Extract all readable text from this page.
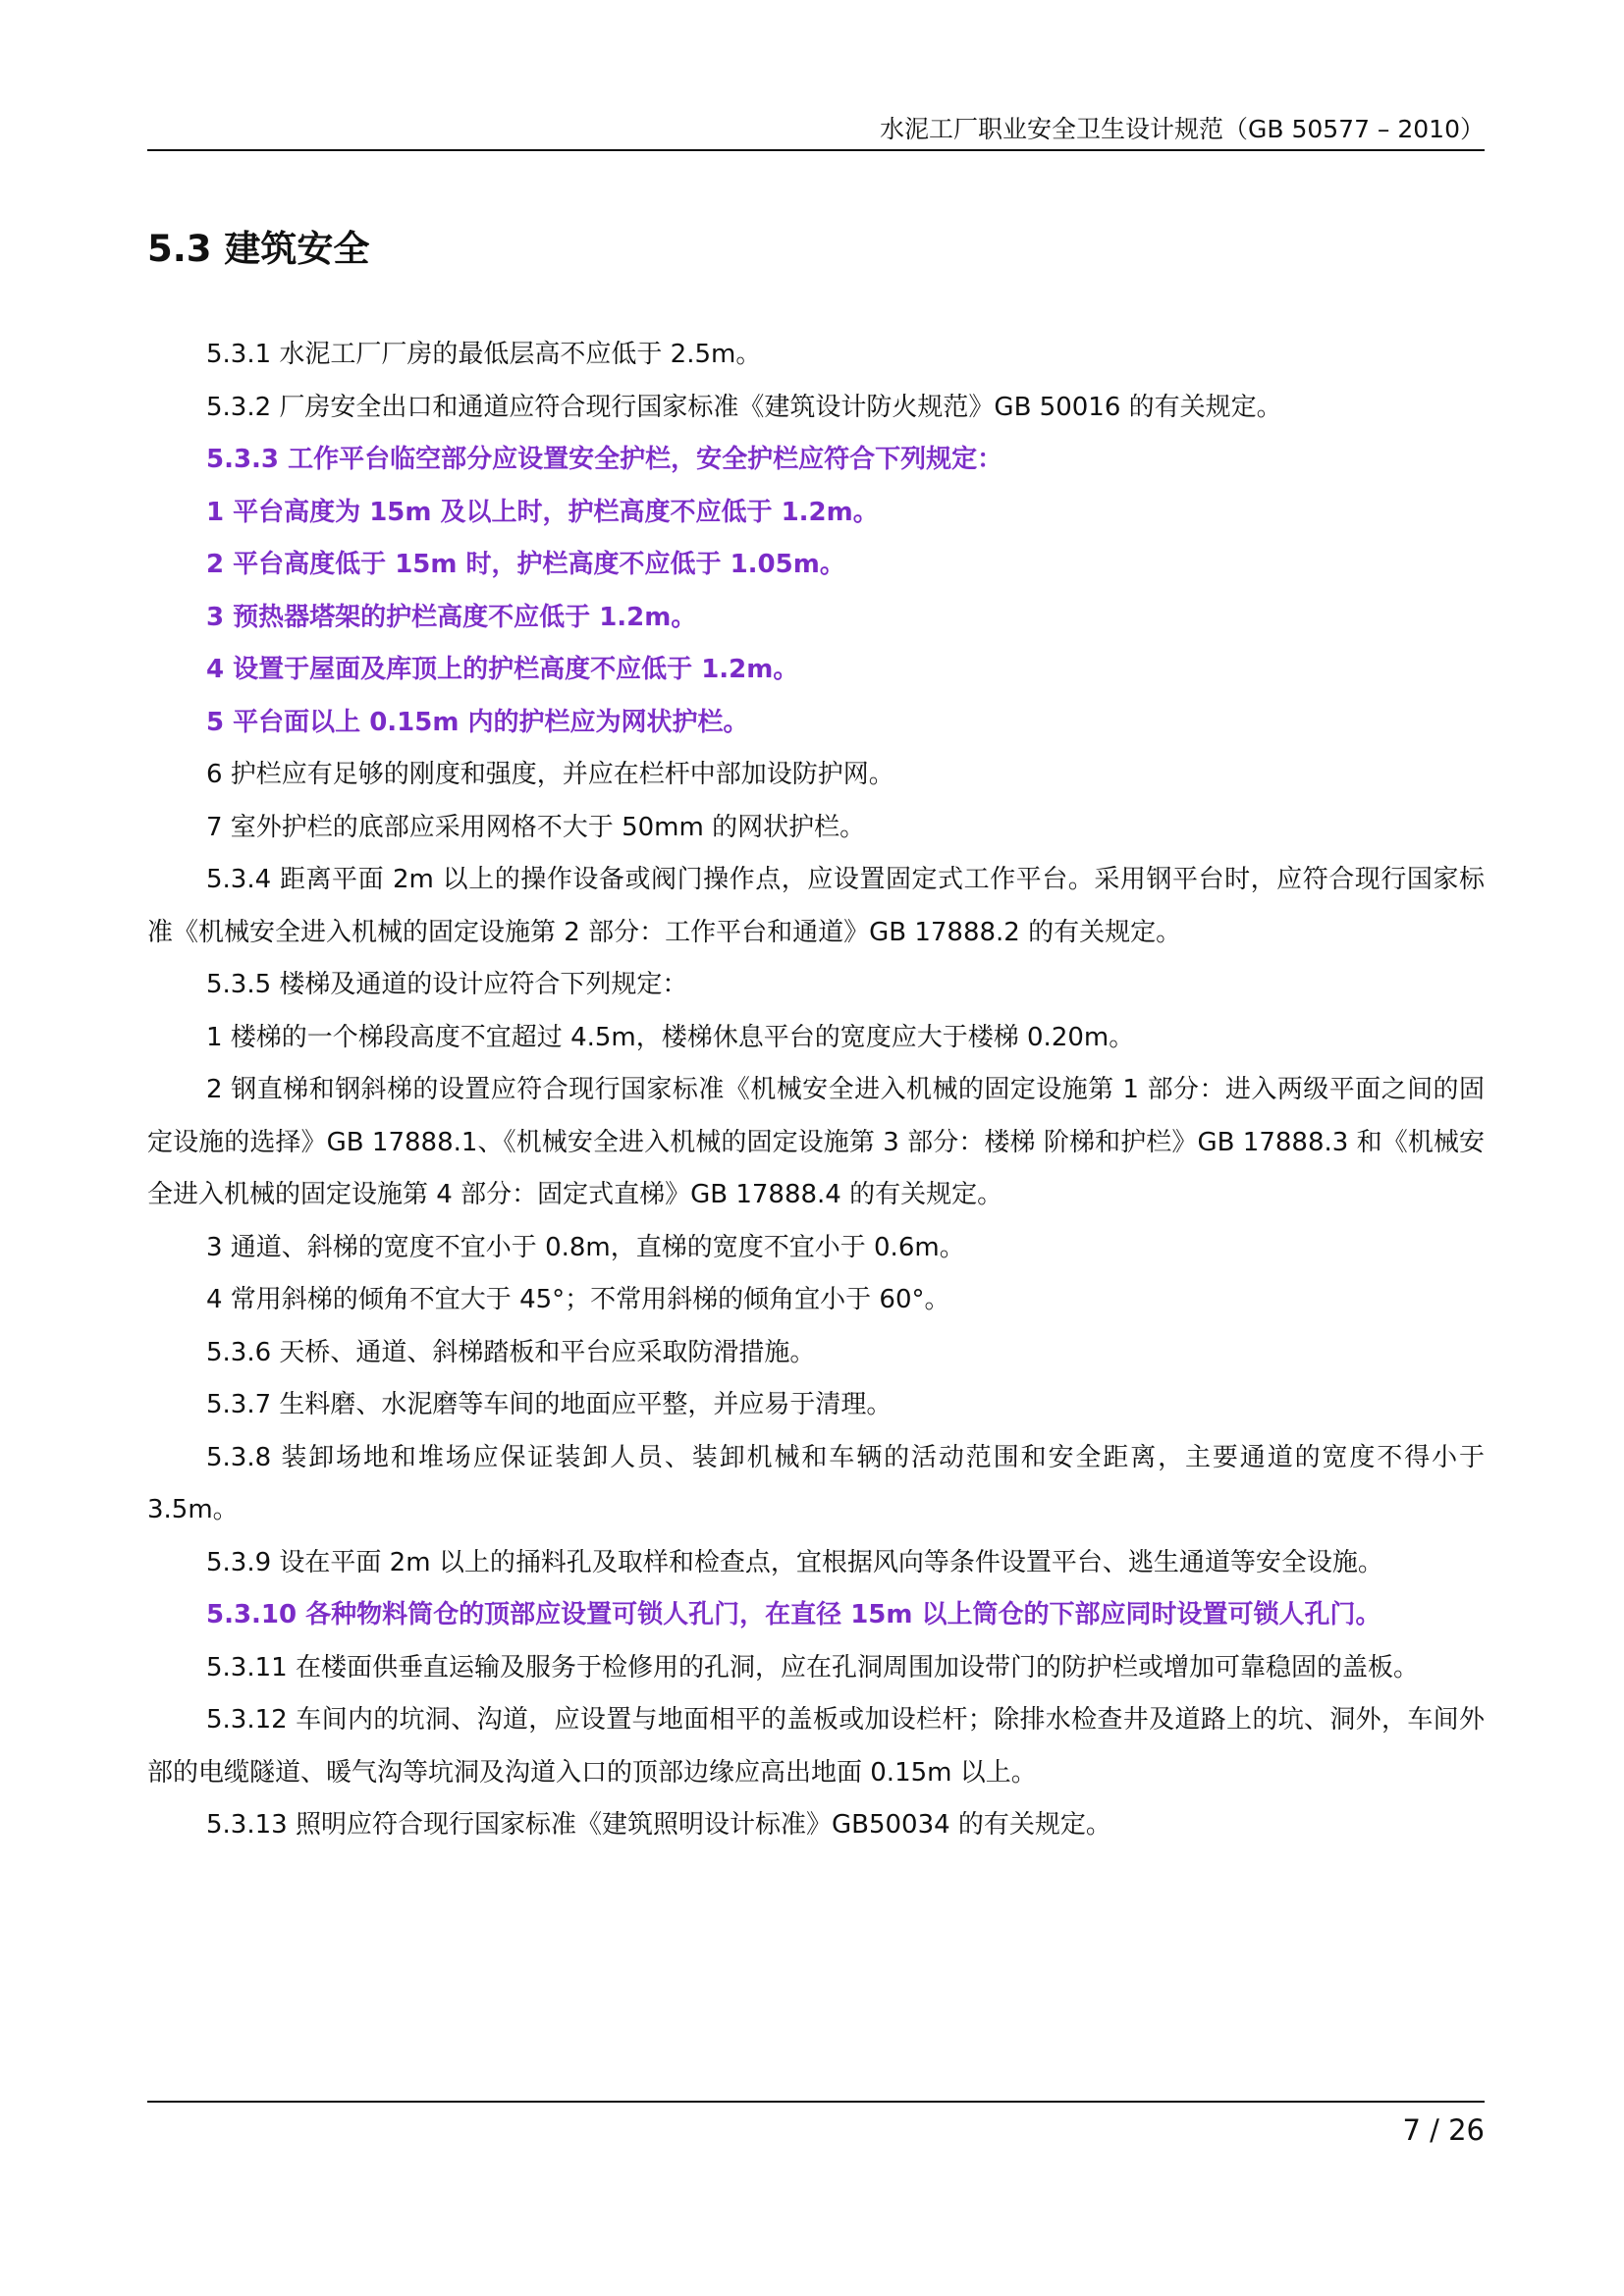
水泥工厂职业安全卫生设计规范（GB 50577 – 2010）
5.3 建筑安全

5.3.1 水泥工厂厂房的最低层高不应低于 2.5m。

5.3.2 厂房安全出口和通道应符合现行国家标准《建筑设计防火规范》GB 50016 的有关规定。

5.3.3 工作平台临空部分应设置安全护栏，安全护栏应符合下列规定：

1 平台高度为 15m 及以上时，护栏高度不应低于 1.2m。

2 平台高度低于 15m 时，护栏高度不应低于 1.05m。

3 预热器塔架的护栏高度不应低于 1.2m。

4 设置于屋面及库顶上的护栏高度不应低于 1.2m。

5 平台面以上 0.15m 内的护栏应为网状护栏。

6 护栏应有足够的刚度和强度，并应在栏杆中部加设防护网。

7 室外护栏的底部应采用网格不大于 50mm 的网状护栏。

5.3.4 距离平面 2m 以上的操作设备或阀门操作点，应设置固定式工作平台。采用钢平台时，应符合现行国家标准《机械安全进入机械的固定设施第 2 部分：工作平台和通道》GB 17888.2 的有关规定。

5.3.5 楼梯及通道的设计应符合下列规定：

1 楼梯的一个梯段高度不宜超过 4.5m，楼梯休息平台的宽度应大于楼梯 0.20m。

2 钢直梯和钢斜梯的设置应符合现行国家标准《机械安全进入机械的固定设施第 1 部分：进入两级平面之间的固定设施的选择》GB 17888.1、《机械安全进入机械的固定设施第 3 部分：楼梯 阶梯和护栏》GB 17888.3 和《机械安全进入机械的固定设施第 4 部分：固定式直梯》GB 17888.4 的有关规定。

3 通道、斜梯的宽度不宜小于 0.8m，直梯的宽度不宜小于 0.6m。

4 常用斜梯的倾角不宜大于 45°；不常用斜梯的倾角宜小于 60°。

5.3.6 天桥、通道、斜梯踏板和平台应采取防滑措施。

5.3.7 生料磨、水泥磨等车间的地面应平整，并应易于清理。

5.3.8 装卸场地和堆场应保证装卸人员、装卸机械和车辆的活动范围和安全距离，主要通道的宽度不得小于 3.5m。

5.3.9 设在平面 2m 以上的捅料孔及取样和检查点，宜根据风向等条件设置平台、逃生通道等安全设施。

5.3.10 各种物料筒仓的顶部应设置可锁人孔门，在直径 15m 以上筒仓的下部应同时设置可锁人孔门。

5.3.11 在楼面供垂直运输及服务于检修用的孔洞，应在孔洞周围加设带门的防护栏或增加可靠稳固的盖板。

5.3.12 车间内的坑洞、沟道，应设置与地面相平的盖板或加设栏杆；除排水检查井及道路上的坑、洞外，车间外部的电缆隧道、暖气沟等坑洞及沟道入口的顶部边缘应高出地面 0.15m 以上。

5.3.13 照明应符合现行国家标准《建筑照明设计标准》GB50034 的有关规定。

7 / 26
